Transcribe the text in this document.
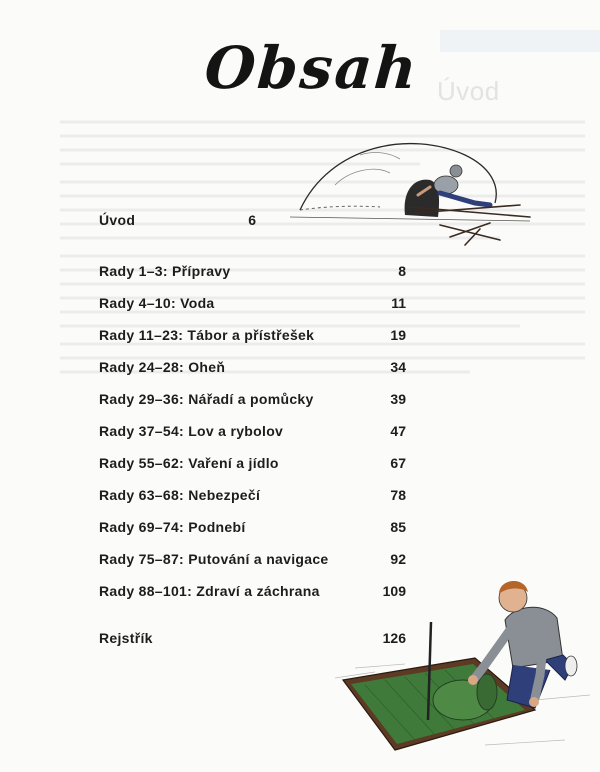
Úvod
Obsah
Úvod	6
Rady 1–3: Přípravy	8
Rady 4–10: Voda	11
Rady 11–23: Tábor a přístřešek	19
Rady 24–28: Oheň	34
Rady 29–36: Nářadí a pomůcky	39
Rady 37–54: Lov a rybolov	47
Rady 55–62: Vaření a jídlo	67
Rady 63–68: Nebezpečí	78
Rady 69–74: Podnebí	85
Rady 75–87: Putování a navigace	92
Rady 88–101: Zdraví a záchrana	109
Rejstřík	126
